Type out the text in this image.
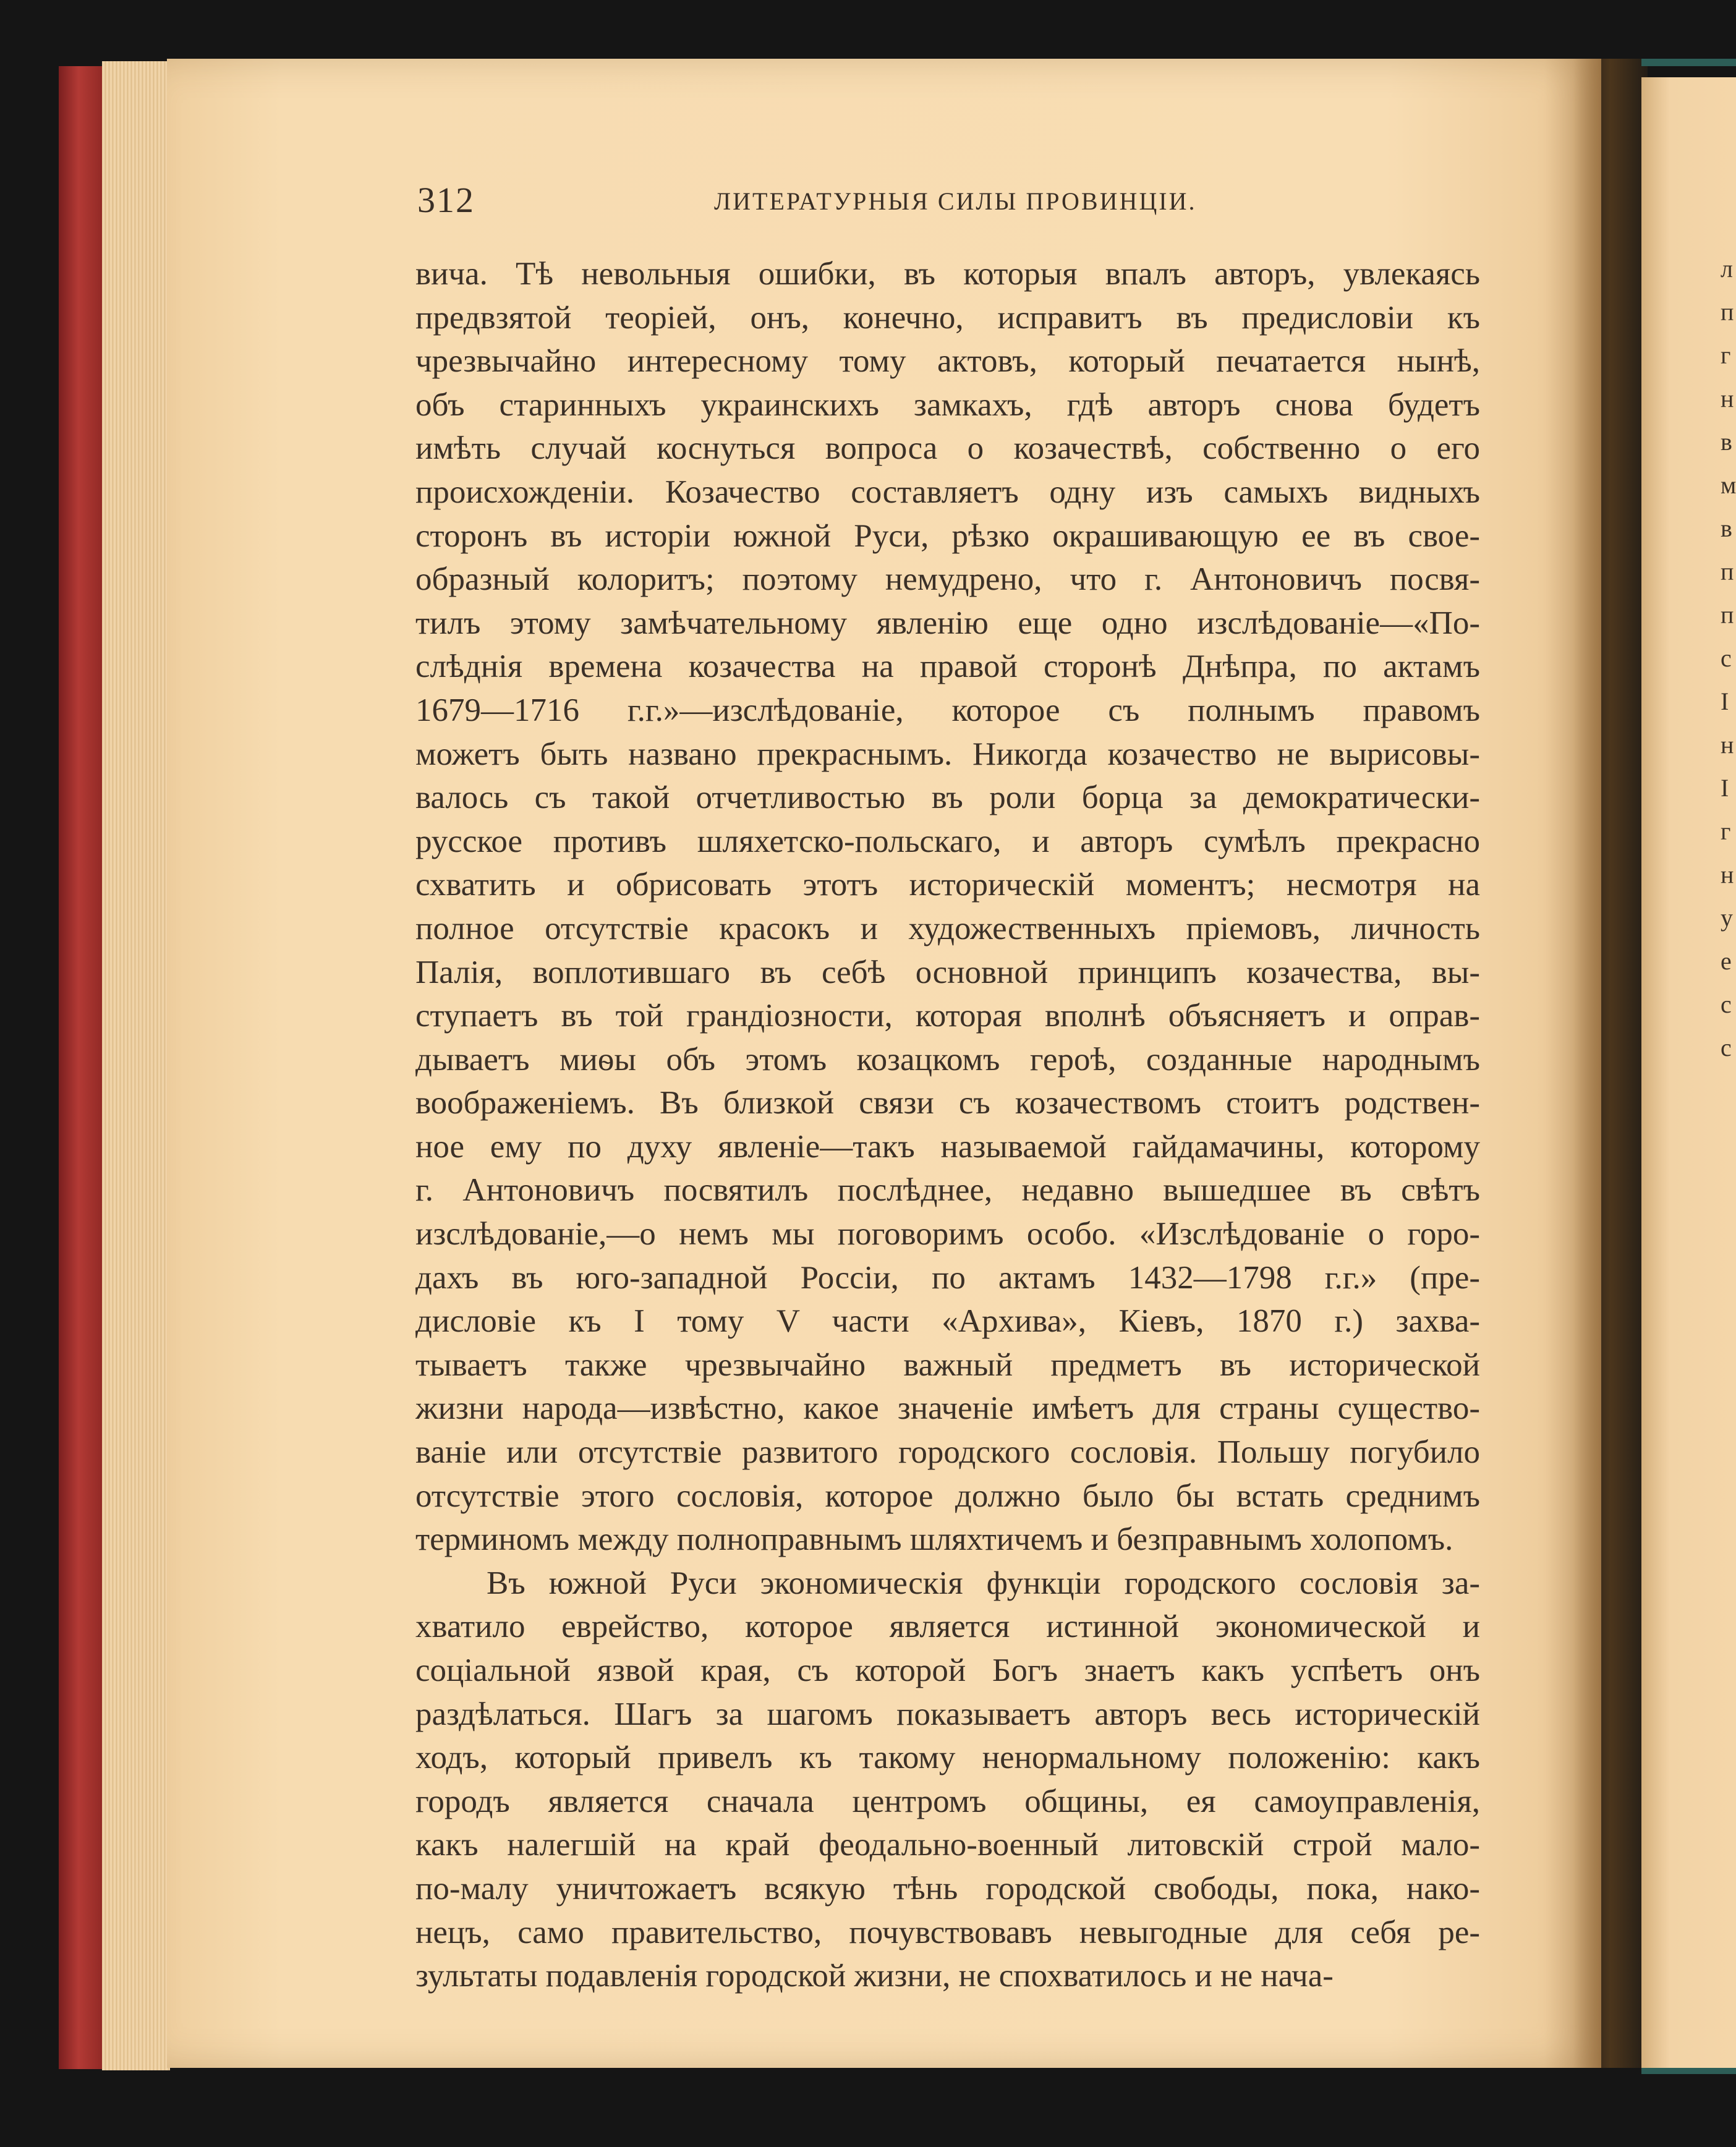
312	ЛИТЕРАТУРНЫЯ СИЛЫ ПРОВИНЦІИ.
вича. Тѣ невольныя ошибки, въ которыя впалъ авторъ, увлекаясь
предвзятой теоріей, онъ, конечно, исправитъ въ предисловіи къ
чрезвычайно интересному тому актовъ, который печатается нынѣ,
объ старинныхъ украинскихъ замкахъ, гдѣ авторъ снова будетъ
имѣть случай коснуться вопроса о козачествѣ, собственно о его
происхожденіи. Козачество составляетъ одну изъ самыхъ видныхъ
сторонъ въ исторіи южной Руси, рѣзко окрашивающую ее въ свое-
образный колоритъ; поэтому немудрено, что г. Антоновичъ посвя-
тилъ этому замѣчательному явленію еще одно изслѣдованіе—«По-
слѣднія времена козачества на правой сторонѣ Днѣпра, по актамъ
1679—1716 г.г.»—изслѣдованіе, которое съ полнымъ правомъ
можетъ быть названо прекраснымъ. Никогда козачество не вырисовы-
валось съ такой отчетливостью въ роли борца за демократически-
русское противъ шляхетско-польскаго, и авторъ сумѣлъ прекрасно
схватить и обрисовать этотъ историческій моментъ; несмотря на
полное отсутствіе красокъ и художественныхъ пріемовъ, личность
Палія, воплотившаго въ себѣ основной принципъ козачества, вы-
ступаетъ въ той грандіозности, которая вполнѣ объясняетъ и оправ-
дываетъ миѳы объ этомъ козацкомъ героѣ, созданные народнымъ
воображеніемъ. Въ близкой связи съ козачествомъ стоитъ родствен-
ное ему по духу явленіе—такъ называемой гайдамачины, которому
г. Антоновичъ посвятилъ послѣднее, недавно вышедшее въ свѣтъ
изслѣдованіе,—о немъ мы поговоримъ особо. «Изслѣдованіе о горо-
дахъ въ юго-западной Россіи, по актамъ 1432—1798 г.г.» (пре-
дисловіе къ I тому V части «Архива», Кіевъ, 1870 г.) захва-
тываетъ также чрезвычайно важный предметъ въ исторической
жизни народа—извѣстно, какое значеніе имѣетъ для страны существо-
ваніе или отсутствіе развитого городского сословія. Польшу погубило
отсутствіе этого сословія, которое должно было бы встать среднимъ
терминомъ между полноправнымъ шляхтичемъ и безправнымъ холопомъ.
Въ южной Руси экономическія функціи городского сословія за-
хватило еврейство, которое является истинной экономической и
соціальной язвой края, съ которой Богъ знаетъ какъ успѣетъ онъ
раздѣлаться. Шагъ за шагомъ показываетъ авторъ весь историческій
ходъ, который привелъ къ такому ненормальному положенію: какъ
городъ является сначала центромъ общины, ея самоуправленія,
какъ налегшій на край феодально-военный литовскій строй мало-
по-малу уничтожаетъ всякую тѣнь городской свободы, пока, нако-
нецъ, само правительство, почувствовавъ невыгодные для себя ре-
зультаты подавленія городской жизни, не спохватилось и не нача-
л
п
г
н
в
м
в
п
п
с
I
н
I
г
н
у
е
с
с
